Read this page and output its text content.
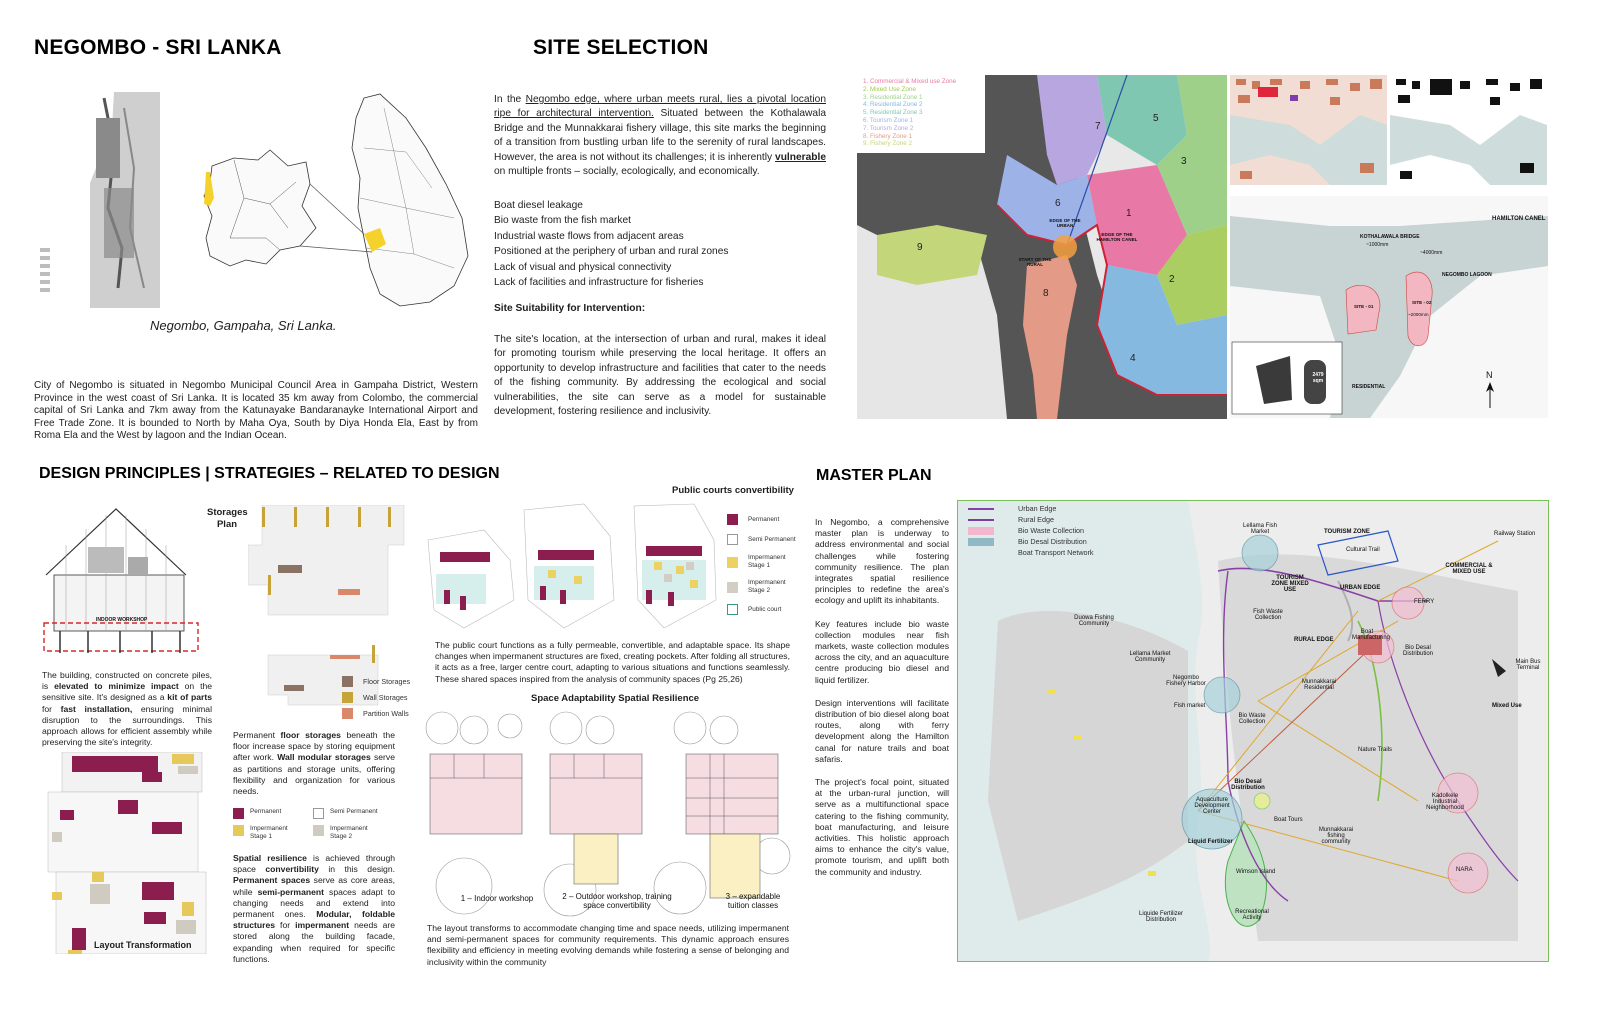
NEGOMBO - SRI LANKA
Negombo, Gampaha, Sri Lanka.
City of Negombo is situated in Negombo Municipal Council Area in Gampaha District, Western Province in the west coast of Sri Lanka. It is located 35 km away from Colombo, the commercial capital of Sri Lanka and 7km away from the Katunayake Bandaranayke International Airport and Free Trade Zone. It is bounded to North by Maha Oya, South by Diya Honda Ela, East by from Roma Ela and the West by lagoon and the Indian Ocean.
SITE SELECTION
In the Negombo edge, where urban meets rural, lies a pivotal location ripe for architectural intervention. Situated between the Kothalawala Bridge and the Munnakkarai fishery village, this site marks the beginning of a transition from bustling urban life to the serenity of rural landscapes. However, the area is not without its challenges; it is inherently vulnerable on multiple fronts – socially, ecologically, and economically.
Boat diesel leakage
Bio waste from the fish market
Industrial waste flows from adjacent areas
Positioned at the periphery of urban and rural zones
Lack of visual and physical connectivity
Lack of facilities and infrastructure for fisheries
Site Suitability for Intervention:
The site's location, at the intersection of urban and rural, makes it ideal for promoting tourism while preserving the local heritage. It offers an opportunity to develop infrastructure and facilities that cater to the needs of the fishing community. By addressing the ecological and social vulnerabilities, the site can serve as a model for sustainable development, fostering resilience and inclusivity.
1
2
3
4
5
6
7
8
9
1. Commercial & Mixed use Zone
2. Mixed Use Zone
3. Residential Zone 1
4. Residential Zone 2
5. Residential Zone 3
6. Tourism Zone 1
7. Tourism Zone 2
8. Fishery Zone 1
9. Fishery Zone 2
EDGE OF THE URBAN
EDGE OF THE HAMILTON CANEL
START OF THE RURAL
HAMILTON CANEL
KOTHALAWALA BRIDGE
~1000mm
~4000mm
NEGOMBO LAGOON
SITE - 01
SITE - 02
~2000mm
2479 sqm
RESIDENTIAL
N
DESIGN PRINCIPLES | STRATEGIES – RELATED TO DESIGN
INDOOR WORKSHOP
The building, constructed on concrete piles, is elevated to minimize impact on the sensitive site. It's designed as a kit of parts for fast installation, ensuring minimal disruption to the surroundings. This approach allows for efficient assembly while preserving the site's integrity.
Layout Transformation
Storages Plan
Floor Storages
Wall Storages
Partition Walls
Permanent floor storages beneath the floor increase space by storing equipment after work. Wall modular storages serve as partitions and storage units, offering flexibility and organization for various needs.
Permanent	Semi Permanent
Impermanent Stage 1
Impermanent Stage 2
Spatial resilience is achieved through space convertibility in this design. Permanent spaces serve as core areas, while semi-permanent spaces adapt to changing needs and extend into permanent ones. Modular, foldable structures for impermanent needs are stored along the building facade, expanding when required for specific functions.
Public courts convertibility
Permanent
Semi Permanent
Impermanent Stage 1
Impermanent Stage 2
Public court
The public court functions as a fully permeable, convertible, and adaptable space. Its shape changes when impermanent structures are fixed, creating pockets. After folding all structures, it acts as a free, larger centre court, adapting to various situations and functions seamlessly. These shared spaces inspired from the analysis of community spaces (Pg 25,26)
Space Adaptability Spatial Resilience
1 – Indoor workshop	2 – Outdoor workshop, training space convertibility
3 – expandable tuition classes
The layout transforms to accommodate changing time and space needs, utilizing impermanent and semi-permanent spaces for community requirements. This dynamic approach ensures flexibility and efficiency in meeting evolving demands while fostering a sense of belonging and inclusivity within the community
MASTER PLAN

In Negombo, a comprehensive master plan is underway to address environmental and social challenges while fostering community resilience. The plan integrates spatial resilience principles to redefine the area's ecology and uplift its inhabitants.

Key features include bio waste collection modules near fish markets, waste collection modules across the city, and an aquaculture centre producing bio diesel and liquid fertilizer.

Design interventions will facilitate distribution of bio diesel along boat routes, along with ferry development along the Hamilton canal for nature trails and boat safaris.

The project's focal point, situated at the urban-rural junction, will serve as a multifunctional space catering to the fishing community, boat manufacturing, and leisure activities. This holistic approach aims to enhance the city's value, promote tourism, and uplift both the community and industry.

Urban Edge
Rural Edge
Bio Waste Collection
Bio Desal Distribution
Boat Transport Network
Lellama Fish Market	TOURISM ZONE	Railway Station
TOURISM ZONE MIXED USE
Cultural Trail
COMMERCIAL & MIXED USE
URBAN EDGE
FERRY
Fish Waste Collection
Duowa Fishing Community
RURAL EDGE
Boat Manufacturing
Bio Desal Distribution
Main Bus Terminal
Lellama Market Community
Negombo Fishery Harbor	Munnakkarai Residential
Fish market
Bio Waste Collection
Mixed Use
Nature Trails
Bio Desal Distribution
Kadolkele Industrial Neighborhood
Aquaculture Development Center
Boat Tours
Munnakkarai fishing community
Liquid Fertilizer
NARA
Wimson Island
Liquide Fertilizer Distribution
Recreational Activity
